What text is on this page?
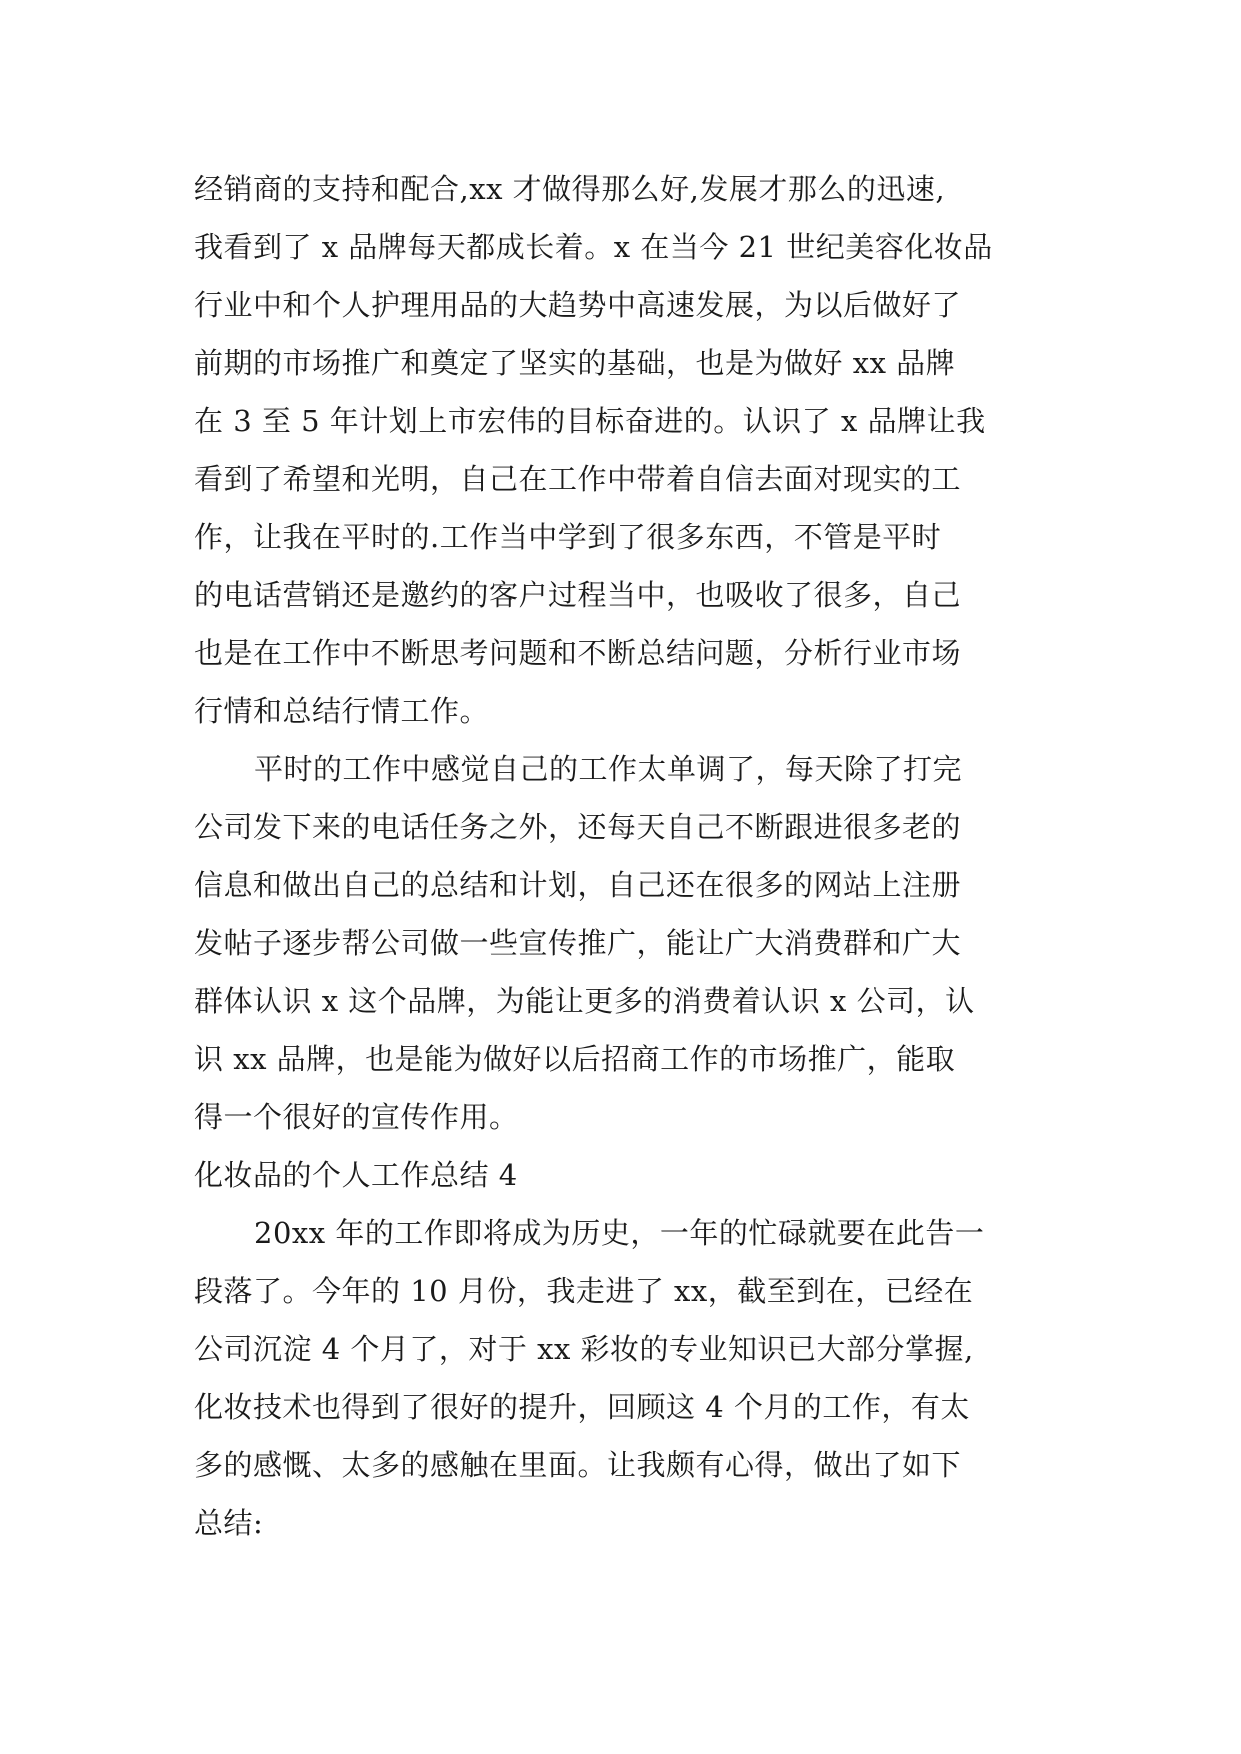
经销商的支持和配合,xx 才做得那么好,发展才那么的迅速,
我看到了 x 品牌每天都成长着。x 在当今 21 世纪美容化妆品
行业中和个人护理用品的大趋势中高速发展，为以后做好了
前期的市场推广和奠定了坚实的基础，也是为做好 xx 品牌
在 3 至 5 年计划上市宏伟的目标奋进的。认识了 x 品牌让我
看到了希望和光明，自己在工作中带着自信去面对现实的工
作，让我在平时的.工作当中学到了很多东西，不管是平时
的电话营销还是邀约的客户过程当中，也吸收了很多，自己
也是在工作中不断思考问题和不断总结问题，分析行业市场
行情和总结行情工作。
平时的工作中感觉自己的工作太单调了，每天除了打完
公司发下来的电话任务之外，还每天自己不断跟进很多老的
信息和做出自己的总结和计划，自己还在很多的网站上注册
发帖子逐步帮公司做一些宣传推广，能让广大消费群和广大
群体认识 x 这个品牌，为能让更多的消费着认识 x 公司，认
识 xx 品牌，也是能为做好以后招商工作的市场推广，能取
得一个很好的宣传作用。
化妆品的个人工作总结 4
20xx 年的工作即将成为历史，一年的忙碌就要在此告一
段落了。今年的 10 月份，我走进了 xx，截至到在，已经在
公司沉淀 4 个月了，对于 xx 彩妆的专业知识已大部分掌握,
化妆技术也得到了很好的提升，回顾这 4 个月的工作，有太
多的感慨、太多的感触在里面。让我颇有心得，做出了如下
总结:
